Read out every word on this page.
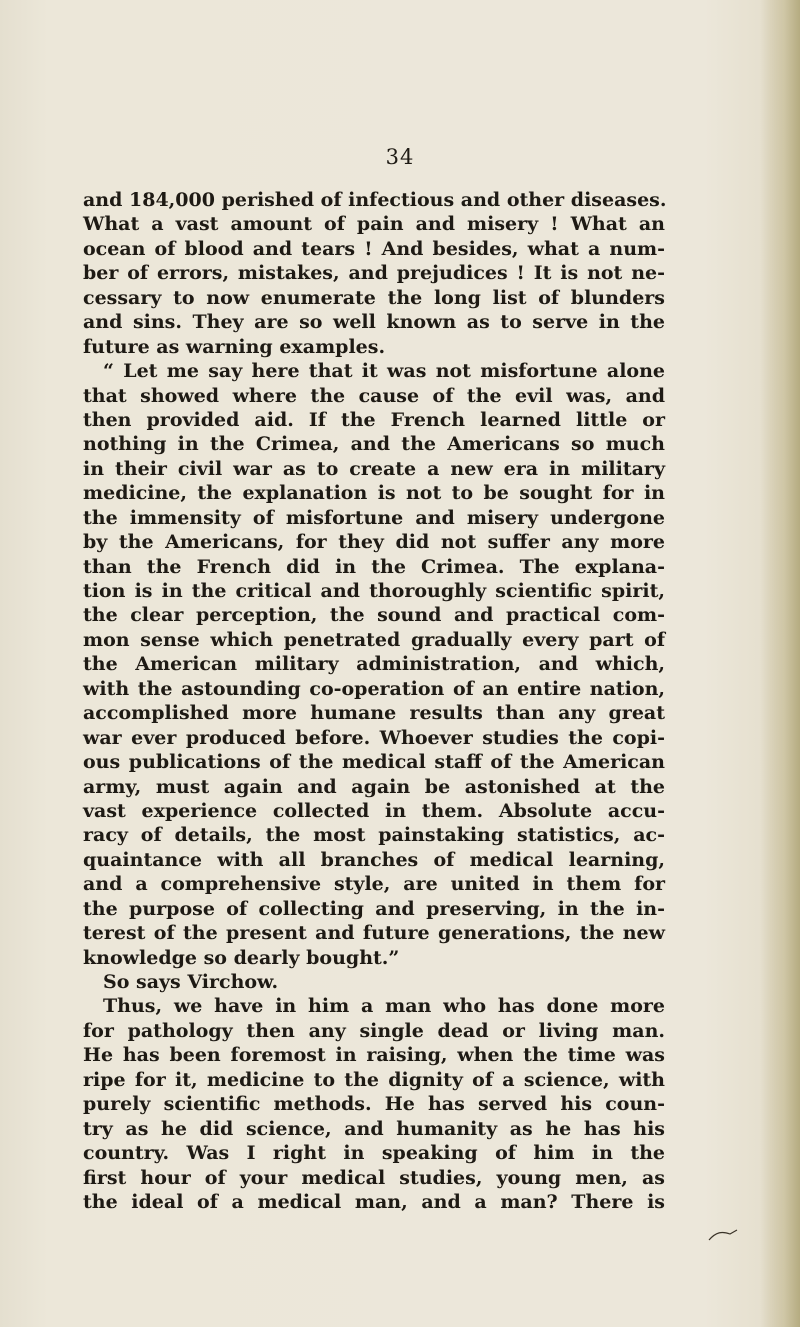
34
and 184,000 perished of infectious and other diseases.
What a vast amount of pain and misery ! What an
ocean of blood and tears ! And besides, what a num-
ber of errors, mistakes, and prejudices ! It is not ne-
cessary to now enumerate the long list of blunders
and sins. They are so well known as to serve in the
future as warning examples.
“ Let me say here that it was not misfortune alone
that showed where the cause of the evil was, and
then provided aid. If the French learned little or
nothing in the Crimea, and the Americans so much
in their civil war as to create a new era in military
medicine, the explanation is not to be sought for in
the immensity of misfortune and misery undergone
by the Americans, for they did not suffer any more
than the French did in the Crimea. The explana-
tion is in the critical and thoroughly scientific spirit,
the clear perception, the sound and practical com-
mon sense which penetrated gradually every part of
the American military administration, and which,
with the astounding co-operation of an entire nation,
accomplished more humane results than any great
war ever produced before. Whoever studies the copi-
ous publications of the medical staff of the American
army, must again and again be astonished at the
vast experience collected in them. Absolute accu-
racy of details, the most painstaking statistics, ac-
quaintance with all branches of medical learning,
and a comprehensive style, are united in them for
the purpose of collecting and preserving, in the in-
terest of the present and future generations, the new
knowledge so dearly bought.”
So says Virchow.
Thus, we have in him a man who has done more
for pathology then any single dead or living man.
He has been foremost in raising, when the time was
ripe for it, medicine to the dignity of a science, with
purely scientific methods. He has served his coun-
try as he did science, and humanity as he has his
country. Was I right in speaking of him in the
first hour of your medical studies, young men, as
the ideal of a medical man, and a man? There is
